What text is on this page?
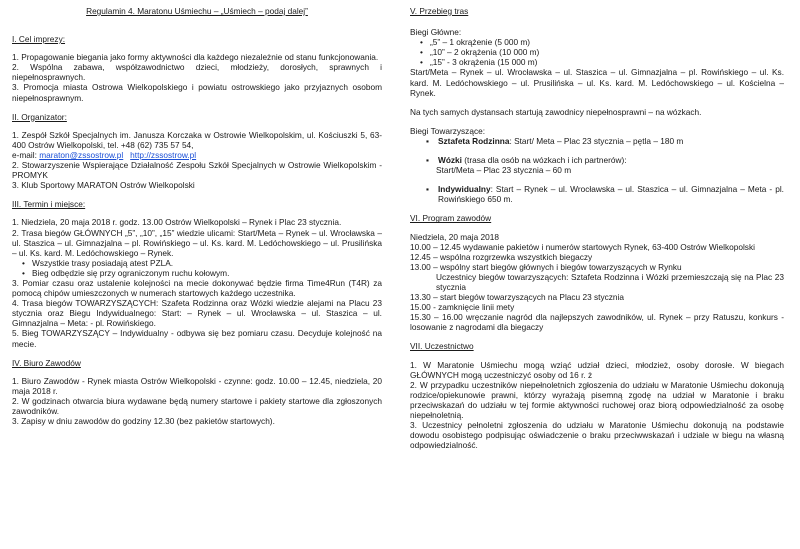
Regulamin 4. Maratonu Uśmiechu – „Uśmiech – podaj dalej”

I. Cel imprezy:

1. Propagowanie biegania jako formy aktywności dla każdego niezależnie od stanu funkcjonowania.

2. Wspólna zabawa, współzawodnictwo dzieci, młodzieży, dorosłych, sprawnych i niepełnosprawnych.

3. Promocja miasta Ostrowa Wielkopolskiego i powiatu ostrowskiego jako przyjaznych osobom niepełnosprawnym.

II. Organizator:

1. Zespół Szkół Specjalnych im. Janusza Korczaka w Ostrowie Wielkopolskim, ul. Kościuszki 5, 63-400 Ostrów Wielkopolski, tel. +48 (62) 735 57 54,

e-mail: maraton@zssostrow.pl http://zssostrow.pl

2. Stowarzyszenie Wspierające Działalność Zespołu Szkół Specjalnych w Ostrowie Wielkopolskim - PROMYK

3. Klub Sportowy MARATON Ostrów Wielkopolski

III. Termin i miejsce:

1. Niedziela, 20 maja 2018 r. godz. 13.00 Ostrów Wielkopolski – Rynek i Plac 23 stycznia.

2. Trasa biegów GŁÓWNYCH „5”, „10”, „15” wiedzie ulicami: Start/Meta – Rynek – ul. Wrocławska – ul. Staszica – ul. Gimnazjalna – pl. Rowińskiego – ul. Ks. kard. M. Ledóchowskiego – ul. Prusilińska – ul. Ks. kard. M. Ledóchowskiego – Rynek.

• Wszystkie trasy posiadają atest PZLA.
• Bieg odbędzie się przy ograniczonym ruchu kołowym.

3. Pomiar czasu oraz ustalenie kolejności na mecie dokonywać będzie firma Time4Run (T4R) za pomocą chipów umieszczonych w numerach startowych każdego uczestnika.

4. Trasa biegów TOWARZYSZĄCYCH: Szafeta Rodzinna oraz Wózki wiedzie alejami na Placu 23 stycznia oraz Biegu Indywidualnego: Start: – Rynek – ul. Wrocławska – ul. Staszica – ul. Gimnazjalna – Meta: - pl. Rowińskiego.

5. Bieg TOWARZYSZĄCY – Indywidualny - odbywa się bez pomiaru czasu. Decyduje kolejność na mecie.

IV. Biuro Zawodów

1. Biuro Zawodów - Rynek miasta Ostrów Wielkopolski - czynne: godz. 10.00 – 12.45, niedziela, 20 maja 2018 r.

2. W godzinach otwarcia biura wydawane będą numery startowe i pakiety startowe dla zgłoszonych zawodników.

3. Zapisy w dniu zawodów do godziny 12.30 (bez pakietów startowych).

V. Przebieg tras

Biegi Główne:

• „5” – 1 okrążenie (5 000 m)
• „10” – 2 okrążenia (10 000 m)
• „15” - 3 okrążenia (15 000 m)

Start/Meta – Rynek – ul. Wrocławska – ul. Staszica – ul. Gimnazjalna – pl. Rowińskiego – ul. Ks. kard. M. Ledóchowskiego – ul. Prusilińska – ul. Ks. kard. M. Ledóchowskiego – ul. Kościelna – Rynek.

Na tych samych dystansach startują zawodnicy niepełnosprawni – na wózkach.

Biegi Towarzyszące:

▪ Sztafeta Rodzinna: Start/ Meta – Plac 23 stycznia – pętla – 180 m

▪ Wózki (trasa dla osób na wózkach i ich partnerów):

Start/Meta – Plac 23 stycznia – 60 m

▪ Indywidualny: Start – Rynek – ul. Wrocławska – ul. Staszica – ul. Gimnazjalna – Meta - pl. Rowińskiego 650 m.

VI. Program zawodów

Niedziela, 20 maja 2018

10.00 – 12.45 wydawanie pakietów i numerów startowych Rynek, 63-400 Ostrów Wielkopolski

12.45 – wspólna rozgrzewka wszystkich biegaczy

13.00 – wspólny start biegów głównych i biegów towarzyszących w Rynku

Uczestnicy biegów towarzyszących: Sztafeta Rodzinna i Wózki przemieszczają się na Plac 23 stycznia

13.30 – start biegów towarzyszących na Placu 23 stycznia

15.00 - zamknięcie linii mety

15.30 – 16.00 wręczanie nagród dla najlepszych zawodników, ul. Rynek – przy Ratuszu, konkurs - losowanie z nagrodami dla biegaczy

VII. Uczestnictwo

1. W Maratonie Uśmiechu mogą wziąć udział dzieci, młodzież, osoby dorosłe. W biegach GŁÓWNYCH mogą uczestniczyć osoby od 16 r. ż

2. W przypadku uczestników niepełnoletnich zgłoszenia do udziału w Maratonie Uśmiechu dokonują rodzice/opiekunowie prawni, którzy wyrażają pisemną zgodę na udział w Maratonie i braku przeciwskazań do udziału w tej formie aktywności ruchowej oraz biorą odpowiedzialność za osobę niepełnoletnią.

3. Uczestnicy pełnoletni zgłoszenia do udziału w Maratonie Uśmiechu dokonują na podstawie dowodu osobistego podpisując oświadczenie o braku przeciwwskazań i udziale w biegu na własną odpowiedzialność.
